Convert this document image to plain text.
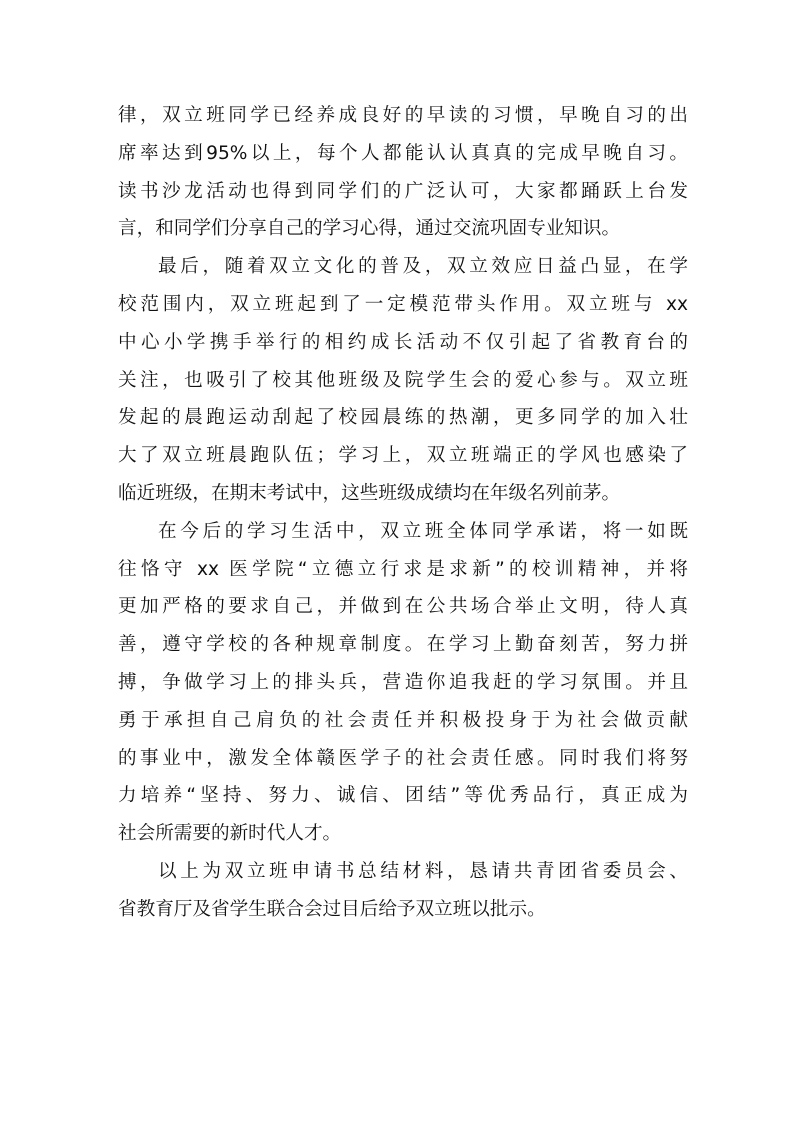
律，双立班同学已经养成良好的早读的习惯，早晚自习的出
席率达到95%以上，每个人都能认认真真的完成早晚自习。
读书沙龙活动也得到同学们的广泛认可，大家都踊跃上台发
言，和同学们分享自己的学习心得，通过交流巩固专业知识。
最后，随着双立文化的普及，双立效应日益凸显，在学
校范围内，双立班起到了一定模范带头作用。双立班与 xx
中心小学携手举行的相约成长活动不仅引起了省教育台的
关注，也吸引了校其他班级及院学生会的爱心参与。双立班
发起的晨跑运动刮起了校园晨练的热潮，更多同学的加入壮
大了双立班晨跑队伍；学习上，双立班端正的学风也感染了
临近班级，在期末考试中，这些班级成绩均在年级名列前茅。
在今后的学习生活中，双立班全体同学承诺，将一如既
往恪守 xx 医学院“立德立行求是求新”的校训精神，并将
更加严格的要求自己，并做到在公共场合举止文明，待人真
善，遵守学校的各种规章制度。在学习上勤奋刻苦，努力拼
搏，争做学习上的排头兵，营造你追我赶的学习氛围。并且
勇于承担自己肩负的社会责任并积极投身于为社会做贡献
的事业中，激发全体赣医学子的社会责任感。同时我们将努
力培养“坚持、努力、诚信、团结”等优秀品行，真正成为
社会所需要的新时代人才。
以上为双立班申请书总结材料，恳请共青团省委员会、
省教育厅及省学生联合会过目后给予双立班以批示。
